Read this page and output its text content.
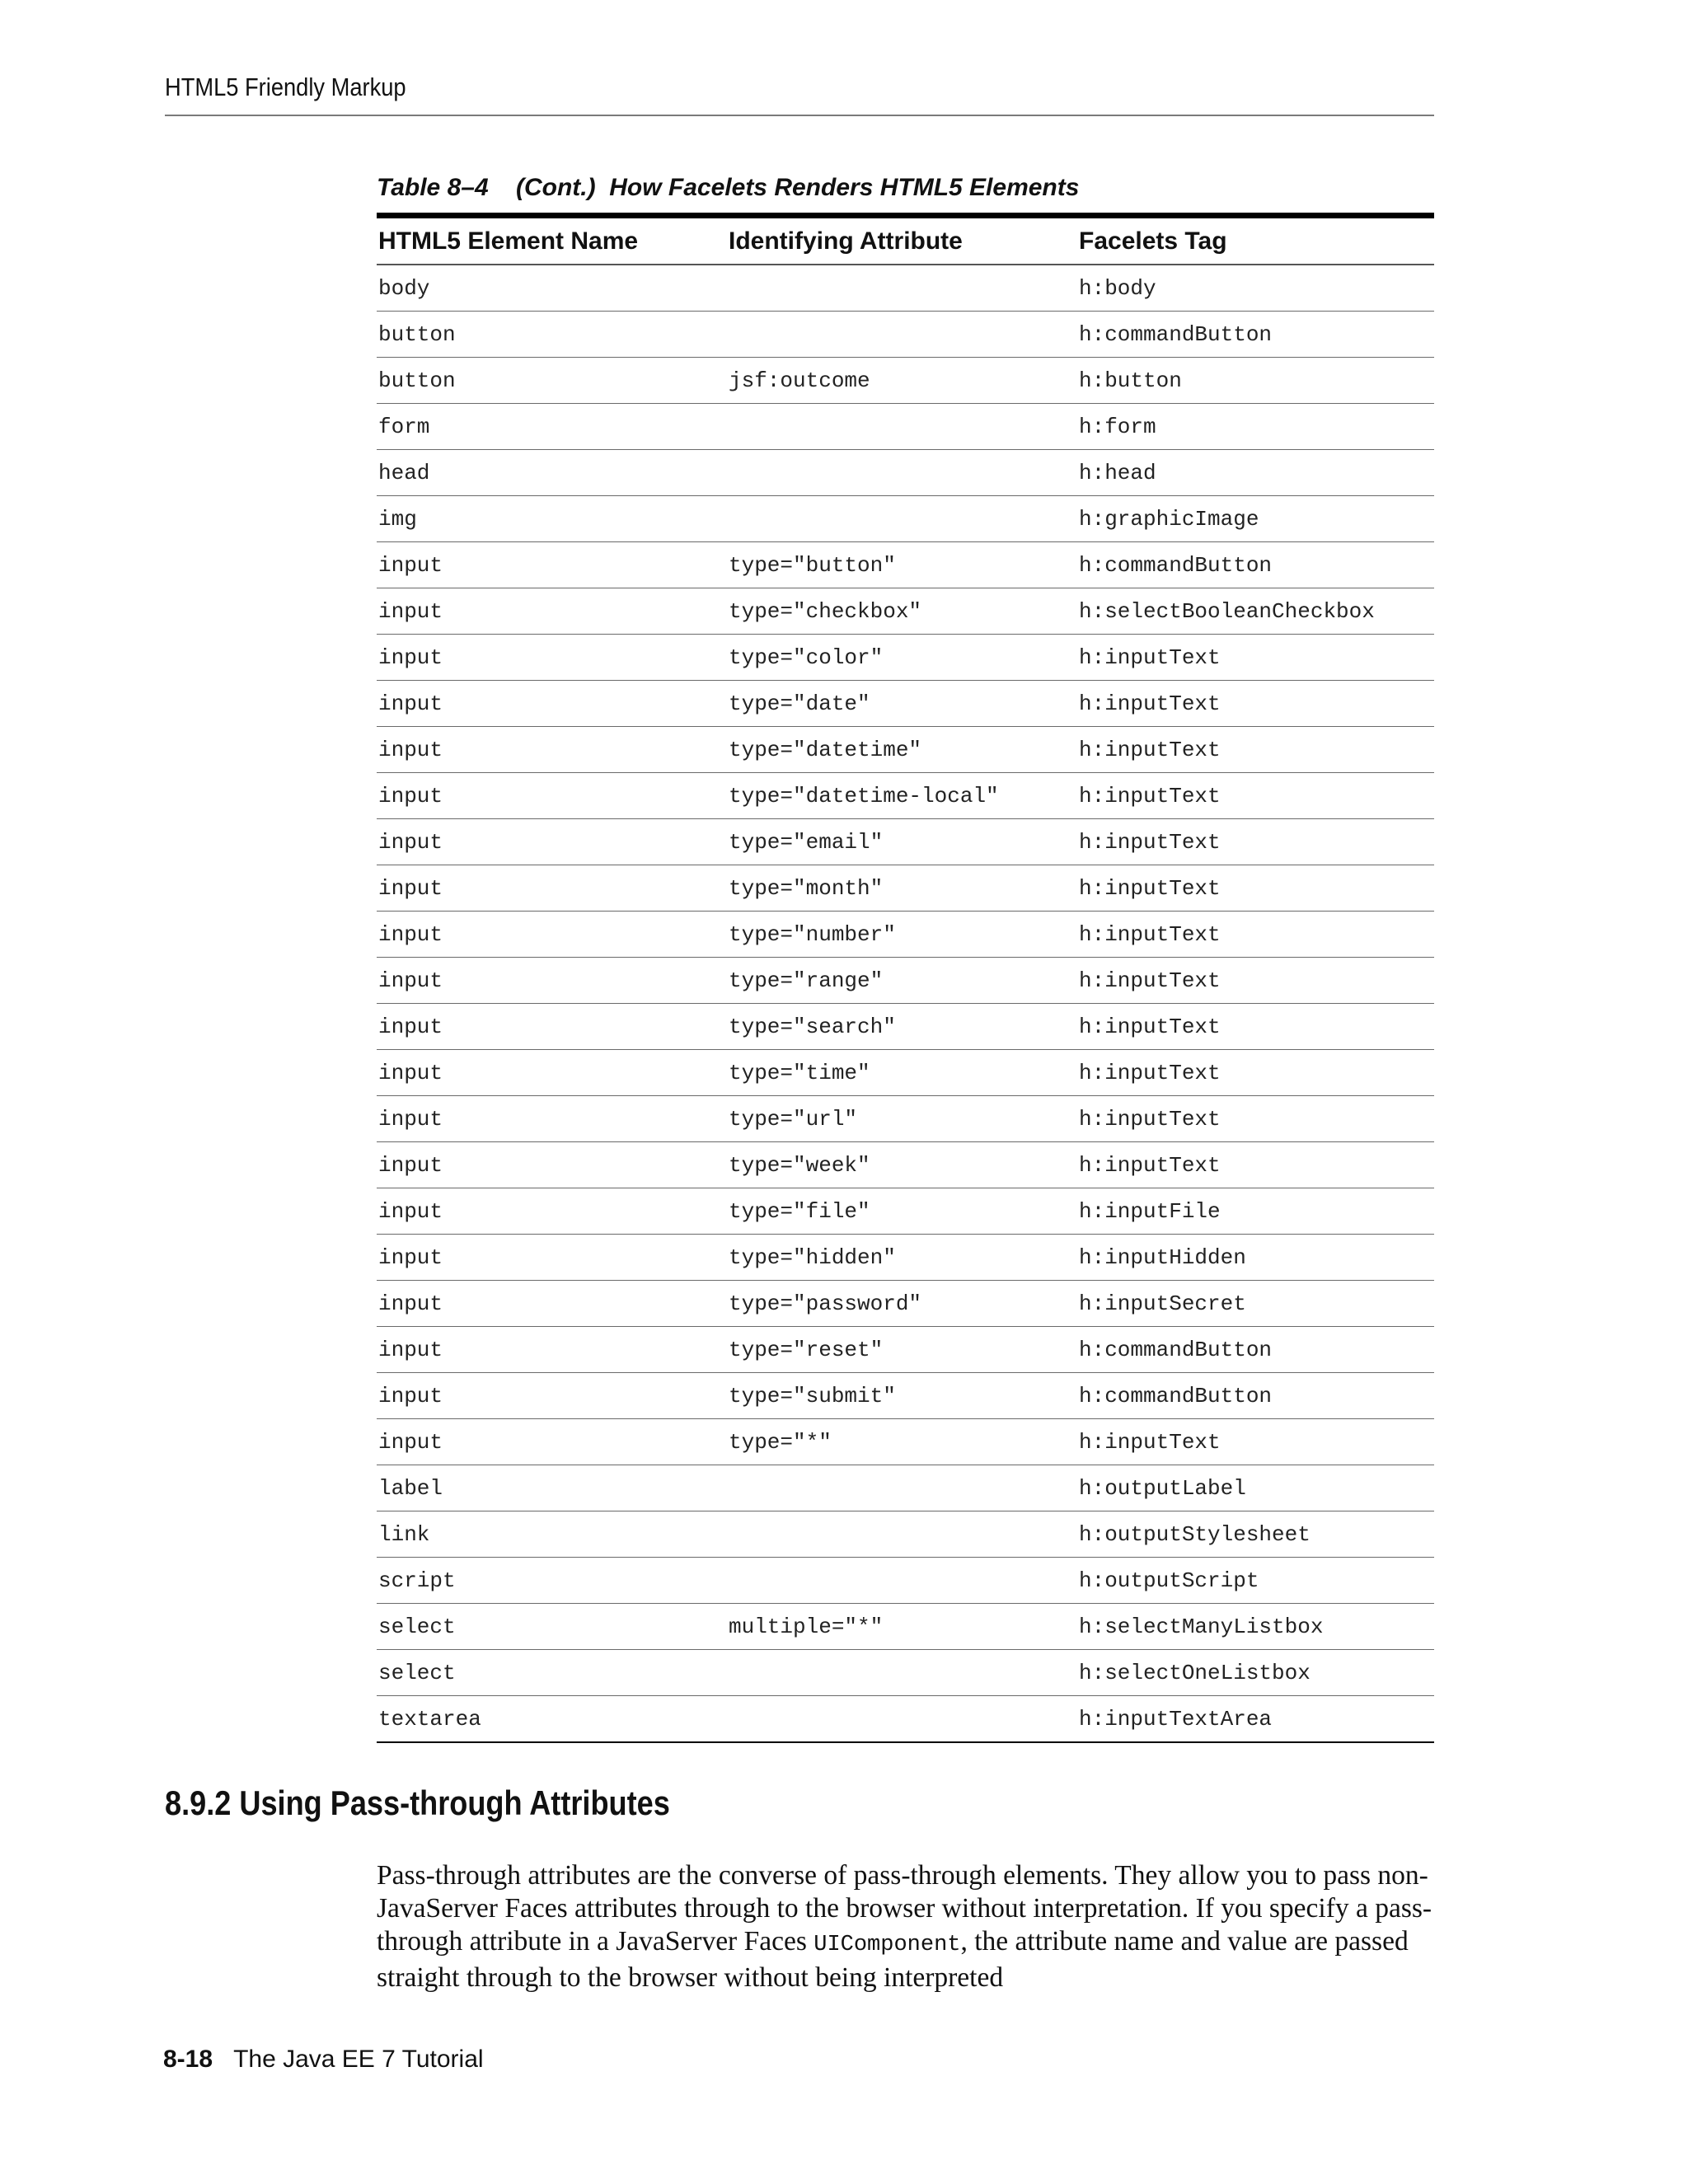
HTML5 Friendly Markup
Table 8–4    (Cont.)  How Facelets Renders HTML5 Elements
HTML5 Element Name	Identifying Attribute	Facelets Tag
body		h:body
button		h:commandButton
button	jsf:outcome	h:button
form		h:form
head		h:head
img		h:graphicImage
input	type="button"	h:commandButton
input	type="checkbox"	h:selectBooleanCheckbox
input	type="color"	h:inputText
input	type="date"	h:inputText
input	type="datetime"	h:inputText
input	type="datetime-local"	h:inputText
input	type="email"	h:inputText
input	type="month"	h:inputText
input	type="number"	h:inputText
input	type="range"	h:inputText
input	type="search"	h:inputText
input	type="time"	h:inputText
input	type="url"	h:inputText
input	type="week"	h:inputText
input	type="file"	h:inputFile
input	type="hidden"	h:inputHidden
input	type="password"	h:inputSecret
input	type="reset"	h:commandButton
input	type="submit"	h:commandButton
input	type="*"	h:inputText
label		h:outputLabel
link		h:outputStylesheet
script		h:outputScript
select	multiple="*"	h:selectManyListbox
select		h:selectOneListbox
textarea		h:inputTextArea
8.9.2 Using Pass-through Attributes

Pass-through attributes are the converse of pass-through elements. They allow you to pass non-JavaServer Faces attributes through to the browser without interpretation. If you specify a pass-through attribute in a JavaServer Faces UIComponent, the attribute name and value are passed straight through to the browser without being interpreted

8-18 The Java EE 7 Tutorial
